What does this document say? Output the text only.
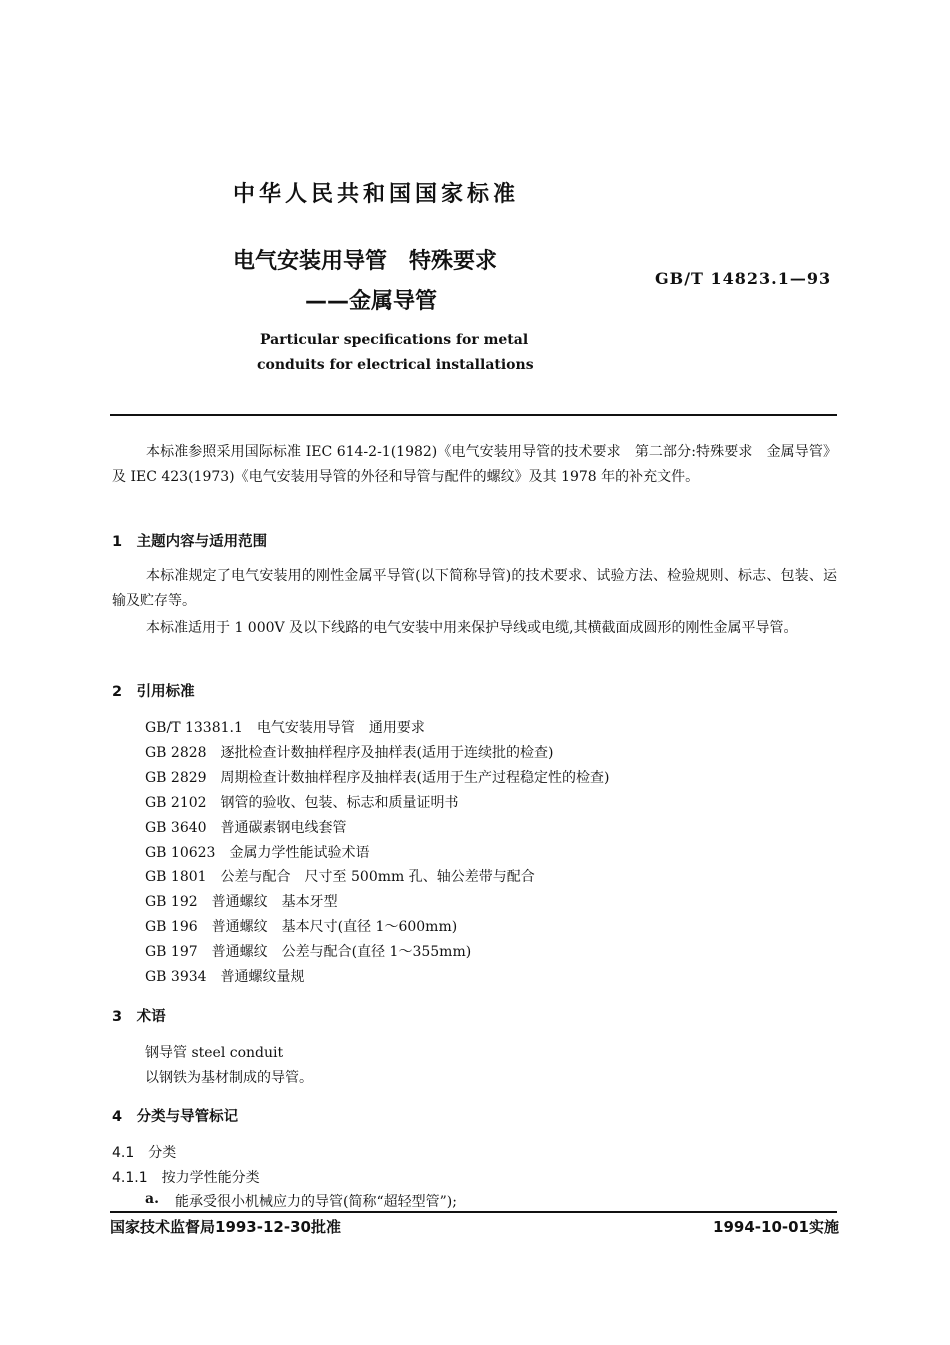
中华人民共和国国家标准
电气安装用导管　特殊要求
——金属导管
GB/T 14823.1—93
Particular specifications for metal
conduits for electrical installations
本标准参照采用国际标准 IEC 614-2-1(1982)《电气安装用导管的技术要求　第二部分:特殊要求　金属导管》及 IEC 423(1973)《电气安装用导管的外径和导管与配件的螺纹》及其 1978 年的补充文件。
1　主题内容与适用范围
本标准规定了电气安装用的刚性金属平导管(以下简称导管)的技术要求、试验方法、检验规则、标志、包装、运输及贮存等。
本标准适用于 1 000V 及以下线路的电气安装中用来保护导线或电缆,其横截面成圆形的刚性金属平导管。
2　引用标准
GB/T 13381.1　电气安装用导管　通用要求
GB 2828　逐批检查计数抽样程序及抽样表(适用于连续批的检查)
GB 2829　周期检查计数抽样程序及抽样表(适用于生产过程稳定性的检查)
GB 2102　钢管的验收、包装、标志和质量证明书
GB 3640　普通碳素钢电线套管
GB 10623　金属力学性能试验术语
GB 1801　公差与配合　尺寸至 500mm 孔、轴公差带与配合
GB 192　普通螺纹　基本牙型
GB 196　普通螺纹　基本尺寸(直径 1～600mm)
GB 197　普通螺纹　公差与配合(直径 1～355mm)
GB 3934　普通螺纹量规
3　术语
钢导管 steel conduit
以钢铁为基材制成的导管。
4　分类与导管标记
4.1　分类
4.1.1　按力学性能分类
a. 能承受很小机械应力的导管(简称“超轻型管”);
国家技术监督局1993-12-30批准	1994-10-01实施
